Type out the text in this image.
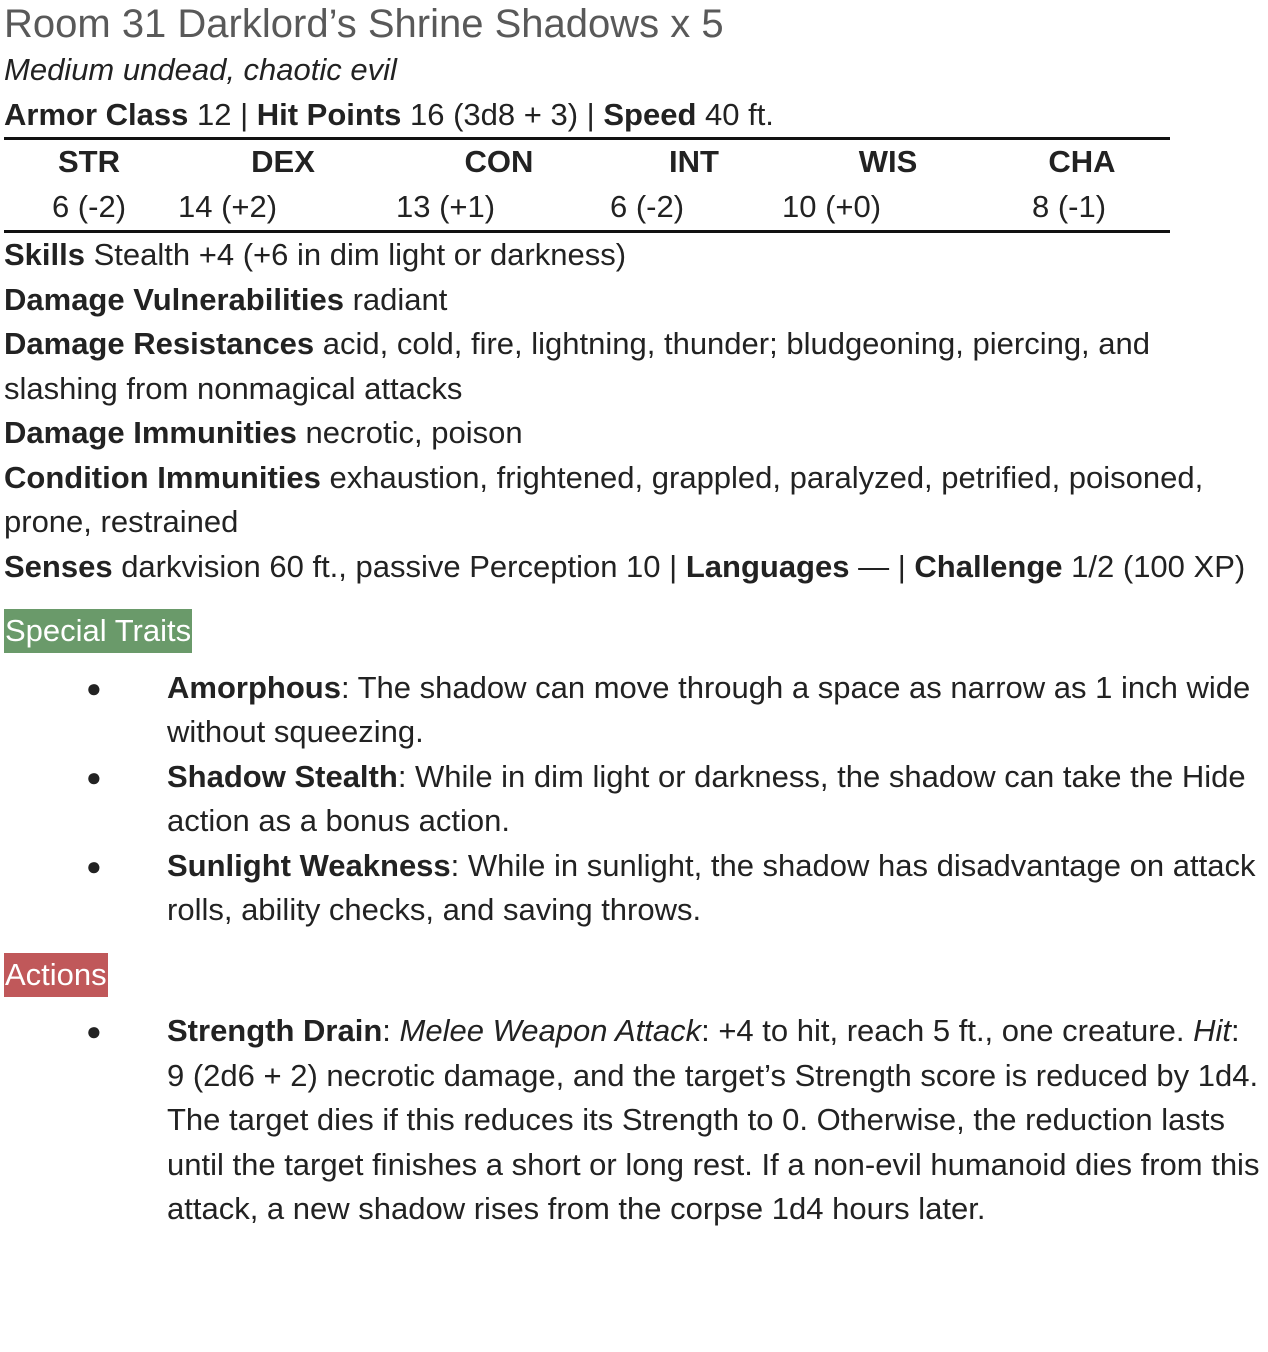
Room 31 Darklord’s Shrine Shadows x 5
Medium undead, chaotic evil
Armor Class 12 | Hit Points 16 (3d8 + 3) | Speed 40 ft.
STR	DEX	CON	INT	WIS	CHA
6 (-2)	14 (+2)	13 (+1)	6 (-2)	10 (+0)	8 (-1)
Skills Stealth +4 (+6 in dim light or darkness)
Damage Vulnerabilities radiant
Damage Resistances acid, cold, fire, lightning, thunder; bludgeoning, piercing, and slashing from nonmagical attacks
Damage Immunities necrotic, poison
Condition Immunities exhaustion, frightened, grappled, paralyzed, petrified, poisoned, prone, restrained
Senses darkvision 60 ft., passive Perception 10 | Languages — | Challenge 1/2 (100 XP)
Special Traits
● Amorphous: The shadow can move through a space as narrow as 1 inch wide without squeezing.
● Shadow Stealth: While in dim light or darkness, the shadow can take the Hide action as a bonus action.
● Sunlight Weakness: While in sunlight, the shadow has disadvantage on attack rolls, ability checks, and saving throws.
Actions
● Strength Drain: Melee Weapon Attack: +4 to hit, reach 5 ft., one creature. Hit: 9 (2d6 + 2) necrotic damage, and the target’s Strength score is reduced by 1d4. The target dies if this reduces its Strength to 0. Otherwise, the reduction lasts until the target finishes a short or long rest. If a non-evil humanoid dies from this attack, a new shadow rises from the corpse 1d4 hours later.
